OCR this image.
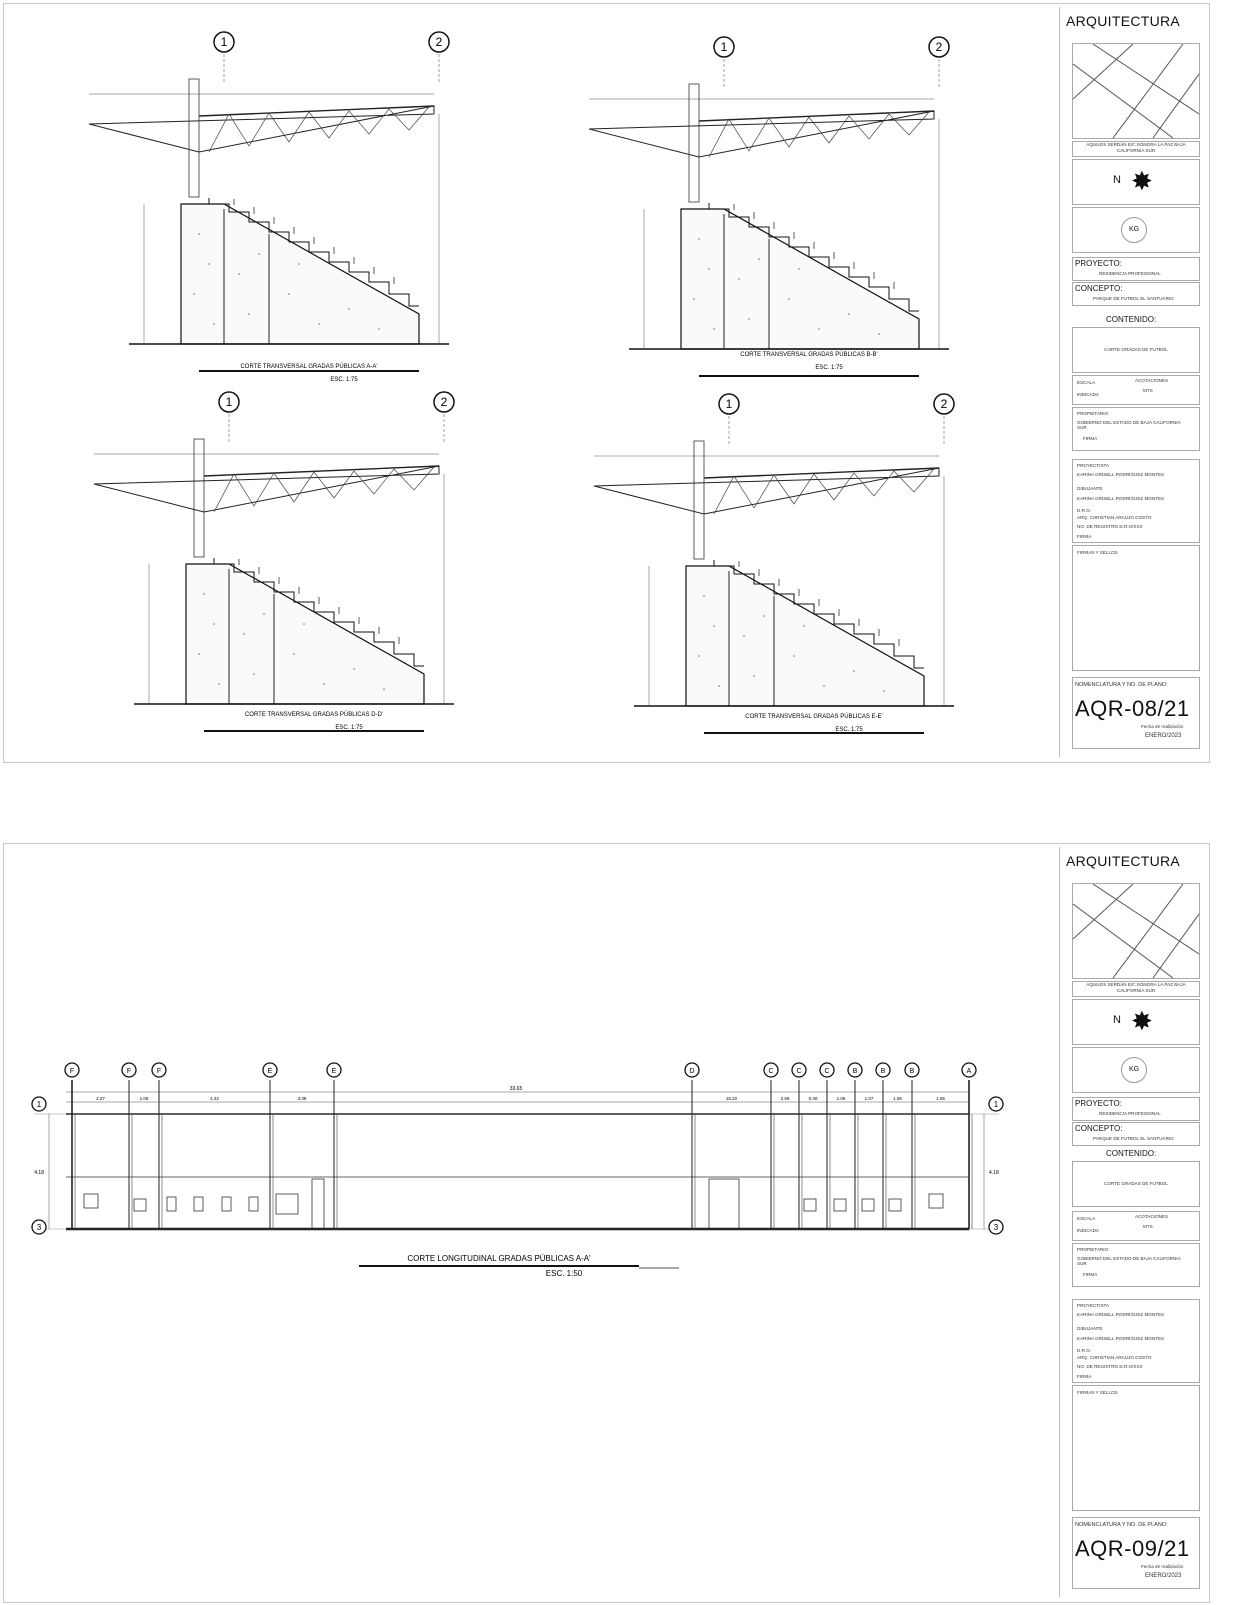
1	2
CORTE TRANSVERSAL GRADAS PÚBLICAS A-A'
ESC. 1:75
1	2
CORTE TRANSVERSAL GRADAS PÚBLICAS B-B'
ESC. 1:75
1	2
CORTE TRANSVERSAL GRADAS PÚBLICAS D-D'
ESC. 1:75
1	2
CORTE TRANSVERSAL GRADAS PÚBLICAS E-E'
ESC. 1:75
ARQUITECTURA
AQUILES SERDÁN E/C SONORA LA PAZ BAJA CALIFORNIA SUR
N ✸
KG
PROYECTO:
RESIDENCIA PROFESIONAL
CONCEPTO:
PARQUE DE FUTBOL EL SANTUARIO
CONTENIDO:
CORTE GRADAS DE FUTBOL
ESCALA
INDICADA
ACOTACIONES
MTS
PROPIETARIO
GOBIERNO DEL ESTADO DE BAJA CALIFORNIA SUR
FIRMA
PROYECTISTA
KARINA GRISELL RODRÍGUEZ MONTES
DIBUJANTE
KARINA GRISELL RODRÍGUEZ MONTES
D.R.O.
ARQ. CHRISTIAN ARAUJO COSTO
NO. DE REGISTRO D.R.O/XXX
FIRMA
FIRMAS Y SELLOS
NOMENCLATURA Y NO. DE PLANO:
AQR-08/21
Fecha de realización
ENERO/2023
F
2.37
F
1.06
F
4.22
E
3.38
E	D
15.22
C
2.59
C
0.40
C
1.06
B
1.07
B
1.06
B
1.06
A
33.65
4.18	4.18
1
3
1
3
CORTE LONGITUDINAL GRADAS PÚBLICAS A-A'
ESC. 1:50
ARQUITECTURA
AQUILES SERDÁN E/C SONORA LA PAZ BAJA CALIFORNIA SUR
N ✸
KG
PROYECTO:
RESIDENCIA PROFESIONAL
CONCEPTO:
PARQUE DE FUTBOL EL SANTUARIO
CONTENIDO:
CORTE GRADAS DE FUTBOL
ESCALA
INDICADA
ACOTACIONES
MTS
PROPIETARIO
GOBIERNO DEL ESTADO DE BAJA CALIFORNIA SUR
FIRMA
PROYECTISTA
KARINA GRISELL RODRÍGUEZ MONTES
DIBUJANTE
KARINA GRISELL RODRÍGUEZ MONTES
D.R.O.
ARQ. CHRISTIAN ARAUJO COSTO
NO. DE REGISTRO D.R.O/XXX
FIRMA
FIRMAS Y SELLOS
NOMENCLATURA Y NO. DE PLANO:
AQR-09/21
Fecha de realización
ENERO/2023
